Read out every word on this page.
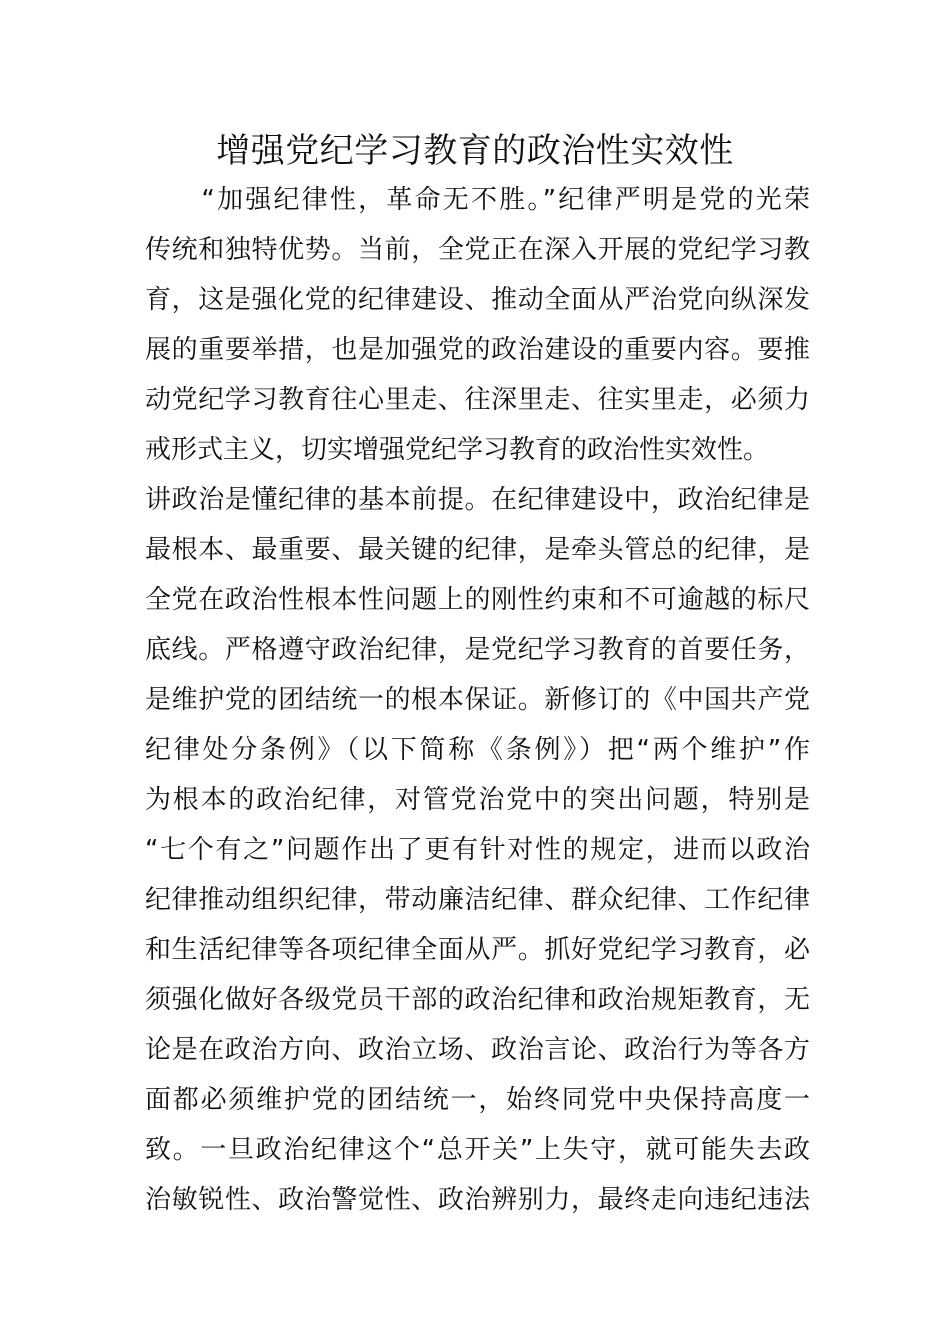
增强党纪学习教育的政治性实效性
　　“加强纪律性，革命无不胜。”纪律严明是党的光荣
传统和独特优势。当前，全党正在深入开展的党纪学习教
育，这是强化党的纪律建设、推动全面从严治党向纵深发
展的重要举措，也是加强党的政治建设的重要内容。要推
动党纪学习教育往心里走、往深里走、往实里走，必须力
戒形式主义，切实增强党纪学习教育的政治性实效性。
讲政治是懂纪律的基本前提。在纪律建设中，政治纪律是
最根本、最重要、最关键的纪律，是牵头管总的纪律，是
全党在政治性根本性问题上的刚性约束和不可逾越的标尺
底线。严格遵守政治纪律，是党纪学习教育的首要任务，
是维护党的团结统一的根本保证。新修订的《中国共产党
纪律处分条例》（以下简称《条例》）把“两个维护”作
为根本的政治纪律，对管党治党中的突出问题，特别是
“七个有之”问题作出了更有针对性的规定，进而以政治
纪律推动组织纪律，带动廉洁纪律、群众纪律、工作纪律
和生活纪律等各项纪律全面从严。抓好党纪学习教育，必
须强化做好各级党员干部的政治纪律和政治规矩教育，无
论是在政治方向、政治立场、政治言论、政治行为等各方
面都必须维护党的团结统一，始终同党中央保持高度一
致。一旦政治纪律这个“总开关”上失守，就可能失去政
治敏锐性、政治警觉性、政治辨别力，最终走向违纪违法
